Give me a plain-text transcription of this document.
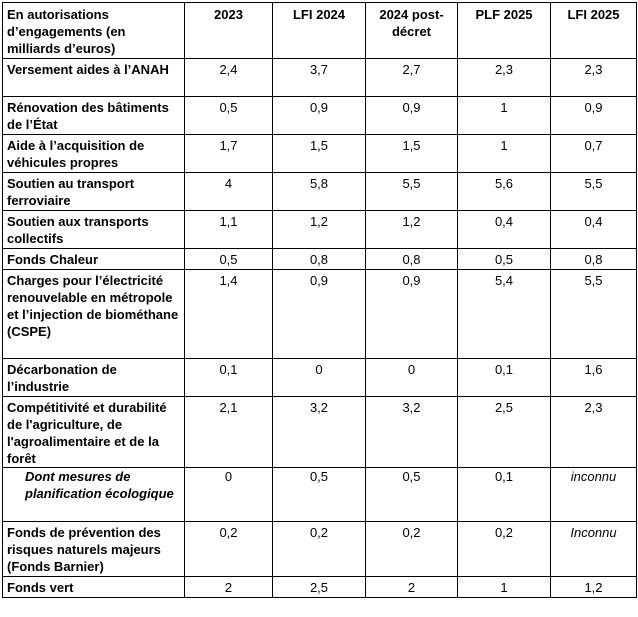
En autorisations d’engagements (en milliards d’euros)	2023	LFI 2024	2024 post- décret	PLF 2025	LFI 2025
Versement aides à l’ANAH	2,4	3,7	2,7	2,3	2,3
Rénovation des bâtiments de l’État	0,5	0,9	0,9	1	0,9
Aide à l’acquisition de véhicules propres	1,7	1,5	1,5	1	0,7
Soutien au transport ferroviaire	4	5,8	5,5	5,6	5,5
Soutien aux transports collectifs	1,1	1,2	1,2	0,4	0,4
Fonds Chaleur	0,5	0,8	0,8	0,5	0,8
Charges pour l’électricité renouvelable en métropole et l’injection de biométhane (CSPE)	1,4	0,9	0,9	5,4	5,5
Décarbonation de l’industrie	0,1	0	0	0,1	1,6
Compétitivité et durabilité de l'agriculture, de l'agroalimentaire et de la forêt	2,1	3,2	3,2	2,5	2,3
Dont mesures de planification écologique	0	0,5	0,5	0,1	inconnu
Fonds de prévention des risques naturels majeurs (Fonds Barnier)	0,2	0,2	0,2	0,2	Inconnu
Fonds vert	2	2,5	2	1	1,2
